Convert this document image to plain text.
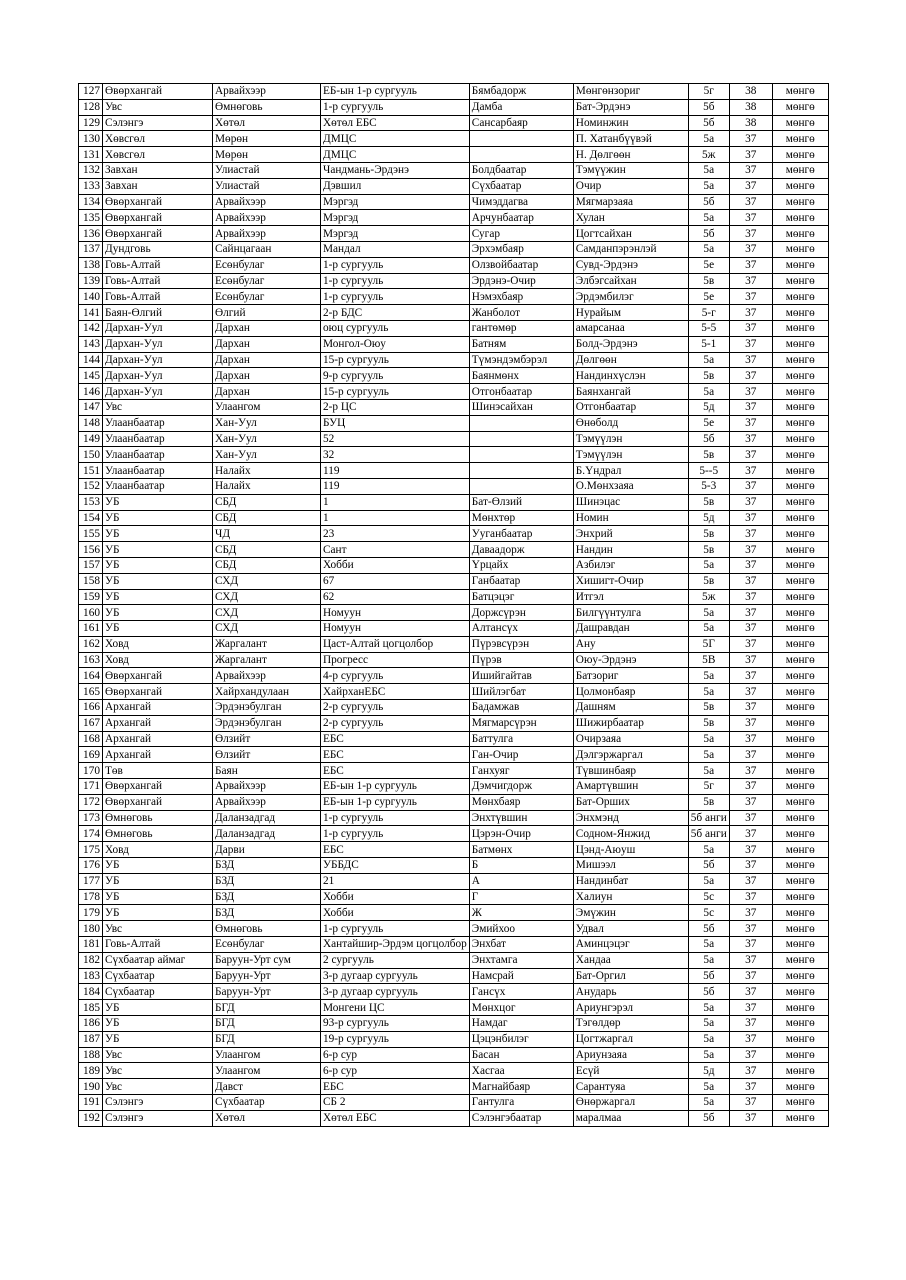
127	Өвөрхангай	Арвайхээр	ЕБ-ын 1-р сургууль	Бямбадорж	Мөнгөнзориг	5г	38	мөнгө
128	Увс	Өмнөговь	1-р сургууль	Дамба	Бат-Эрдэнэ	5б	38	мөнгө
129	Сэлэнгэ	Хөтөл	Хөтөл ЕБС	Сансарбаяр	Номинжин	5б	38	мөнгө
130	Хөвсгөл	Мөрөн	ДМЦС		П. Хатанбүүвэй	5а	37	мөнгө
131	Хөвсгөл	Мөрөн	ДМЦС		Н. Дөлгөөн	5ж	37	мөнгө
132	Завхан	Улиастай	Чандмань-Эрдэнэ	Болдбаатар	Тэмүүжин	5а	37	мөнгө
133	Завхан	Улиастай	Дэвшил	Сүхбаатар	Очир	5а	37	мөнгө
134	Өвөрхангай	Арвайхээр	Мэргэд	Чимэддагва	Мягмарзаяа	5б	37	мөнгө
135	Өвөрхангай	Арвайхээр	Мэргэд	Арчунбаатар	Хулан	5а	37	мөнгө
136	Өвөрхангай	Арвайхээр	Мэргэд	Сугар	Цогтсайхан	5б	37	мөнгө
137	Дундговь	Сайнцагаан	Мандал	Эрхэмбаяр	Самданпэрэнлэй	5а	37	мөнгө
138	Говь-Алтай	Есөнбулаг	1-р сургууль	Олзвойбаатар	Сувд-Эрдэнэ	5е	37	мөнгө
139	Говь-Алтай	Есөнбулаг	1-р сургууль	Эрдэнэ-Очир	Элбэгсайхан	5в	37	мөнгө
140	Говь-Алтай	Есөнбулаг	1-р сургууль	Нэмэхбаяр	Эрдэмбилэг	5е	37	мөнгө
141	Баян-Өлгий	Өлгий	2-р БДС	Жанболот	Нурайым	5-г	37	мөнгө
142	Дархан-Уул	Дархан	оюц сургууль	гантөмөр	амарсанаа	5-5	37	мөнгө
143	Дархан-Уул	Дархан	Монгол-Оюу	Батням	Болд-Эрдэнэ	5-1	37	мөнгө
144	Дархан-Уул	Дархан	15-р сургууль	Түмэндэмбэрэл	Дөлгөөн	5а	37	мөнгө
145	Дархан-Уул	Дархан	9-р сургууль	Баянмөнх	Нандинхүслэн	5в	37	мөнгө
146	Дархан-Уул	Дархан	15-р сургууль	Отгонбаатар	Баянхангай	5а	37	мөнгө
147	Увс	Улаангом	2-р ЦС	Шинэсайхан	Отгонбаатар	5д	37	мөнгө
148	Улаанбаатар	Хан-Уул	БУЦ		Өнөболд	5е	37	мөнгө
149	Улаанбаатар	Хан-Уул	52		Тэмүүлэн	5б	37	мөнгө
150	Улаанбаатар	Хан-Уул	32		Тэмүүлэн	5в	37	мөнгө
151	Улаанбаатар	Налайх	119		Б.Үндрал	5--5	37	мөнгө
152	Улаанбаатар	Налайх	119		О.Мөнхзаяа	5-3	37	мөнгө
153	УБ	СБД	1	Бат-Өлзий	Шинэцас	5в	37	мөнгө
154	УБ	СБД	1	Мөнхтөр	Номин	5д	37	мөнгө
155	УБ	ЧД	23	Ууганбаатар	Энхрий	5в	37	мөнгө
156	УБ	СБД	Сант	Даваадорж	Нандин	5в	37	мөнгө
157	УБ	СБД	Хобби	Үрцайх	Азбилэг	5а	37	мөнгө
158	УБ	СХД	67	Ганбаатар	Хишигт-Очир	5в	37	мөнгө
159	УБ	СХД	62	Батцэцэг	Итгэл	5ж	37	мөнгө
160	УБ	СХД	Номуун	Доржсүрэн	Билгүүнтулга	5а	37	мөнгө
161	УБ	СХД	Номуун	Алтансүх	Дашравдан	5а	37	мөнгө
162	Ховд	Жаргалант	Цаст-Алтай цогцолбор	Пүрэвсүрэн	Ану	5Г	37	мөнгө
163	Ховд	Жаргалант	Прогресс	Пүрэв	Оюу-Эрдэнэ	5В	37	мөнгө
164	Өвөрхангай	Арвайхээр	4-р сургууль	Ишийгайтав	Батзориг	5а	37	мөнгө
165	Өвөрхангай	Хайрхандулаан	ХайрханЕБС	Шийлэгбат	Цолмонбаяр	5а	37	мөнгө
166	Архангай	Эрдэнэбулган	2-р сургууль	Бадамжав	Дашням	5в	37	мөнгө
167	Архангай	Эрдэнэбулган	2-р сургууль	Мягмарсүрэн	Шижирбаатар	5в	37	мөнгө
168	Архангай	Өлзийт	ЕБС	Баттулга	Очирзаяа	5а	37	мөнгө
169	Архангай	Өлзийт	ЕБС	Ган-Очир	Дэлгэржаргал	5а	37	мөнгө
170	Төв	Баян	ЕБС	Ганхуяг	Түвшинбаяр	5а	37	мөнгө
171	Өвөрхангай	Арвайхээр	ЕБ-ын 1-р сургууль	Дэмчигдорж	Амартүвшин	5г	37	мөнгө
172	Өвөрхангай	Арвайхээр	ЕБ-ын 1-р сургууль	Мөнхбаяр	Бат-Орших	5в	37	мөнгө
173	Өмнөговь	Даланзадгад	1-р сургууль	Энхтүвшин	Энхмэнд	5б анги	37	мөнгө
174	Өмнөговь	Даланзадгад	1-р сургууль	Цэрэн-Очир	Содном-Янжид	5б анги	37	мөнгө
175	Ховд	Дарви	ЕБС	Батмөнх	Цэнд-Аюуш	5а	37	мөнгө
176	УБ	БЗД	УББДС	Б	Мишээл	5б	37	мөнгө
177	УБ	БЗД	21	А	Нандинбат	5а	37	мөнгө
178	УБ	БЗД	Хобби	Г	Халиун	5с	37	мөнгө
179	УБ	БЗД	Хобби	Ж	Эмүжин	5с	37	мөнгө
180	Увс	Өмнөговь	1-р сургууль	Эмийхоо	Удвал	5б	37	мөнгө
181	Говь-Алтай	Есөнбулаг	Хантайшир-Эрдэм цогцолбор	Энхбат	Аминцэцэг	5а	37	мөнгө
182	Сүхбаатар аймаг	Баруун-Урт сум	2 сургууль	Энхтамга	Хандаа	5а	37	мөнгө
183	Сүхбаатар	Баруун-Урт	3-р дугаар сургууль	Намсрай	Бат-Оргил	5б	37	мөнгө
184	Сүхбаатар	Баруун-Урт	3-р дугаар сургууль	Гансүх	Анударь	5б	37	мөнгө
185	УБ	БГД	Монгени ЦС	Мөнхцог	Ариунгэрэл	5а	37	мөнгө
186	УБ	БГД	93-р сургууль	Намдаг	Тэгөлдөр	5а	37	мөнгө
187	УБ	БГД	19-р сургууль	Цэцэнбилэг	Цогтжаргал	5а	37	мөнгө
188	Увс	Улаангом	6-р сур	Басан	Ариунзаяа	5а	37	мөнгө
189	Увс	Улаангом	6-р сур	Хасгаа	Есүй	5д	37	мөнгө
190	Увс	Давст	ЕБС	Магнайбаяр	Сарантуяа	5а	37	мөнгө
191	Сэлэнгэ	Сүхбаатар	СБ 2	Гантулга	Өнөржаргал	5а	37	мөнгө
192	Сэлэнгэ	Хөтөл	Хөтөл ЕБС	Сэлэнгэбаатар	маралмаа	5б	37	мөнгө
